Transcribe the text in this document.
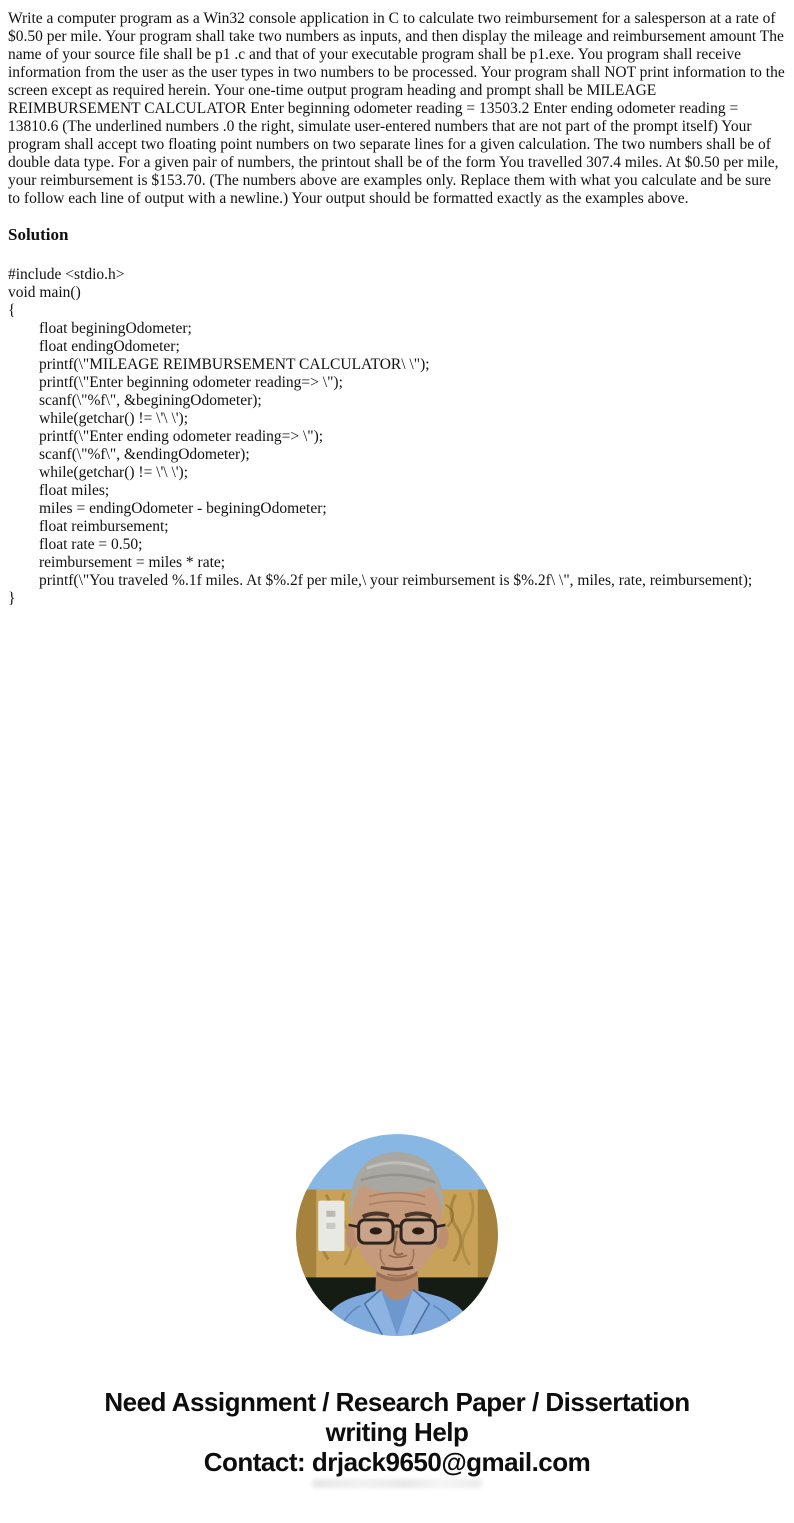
Write a computer program as a Win32 console application in C to calculate two reimbursement for a salesperson at a rate of $0.50 per mile. Your program shall take two numbers as inputs, and then display the mileage and reimbursement amount The name of your source file shall be p1 .c and that of your executable program shall be p1.exe. You program shall receive information from the user as the user types in two numbers to be processed. Your program shall NOT print information to the screen except as required herein. Your one-time output program heading and prompt shall be MILEAGE REIMBURSEMENT CALCULATOR Enter beginning odometer reading = 13503.2 Enter ending odometer reading = 13810.6 (The underlined numbers .0 the right, simulate user-entered numbers that are not part of the prompt itself) Your program shall accept two floating point numbers on two separate lines for a given calculation. The two numbers shall be of double data type. For a given pair of numbers, the printout shall be of the form You travelled 307.4 miles. At $0.50 per mile, your reimbursement is $153.70. (The numbers above are examples only. Replace them with what you calculate and be sure to follow each line of output with a newline.) Your output should be formatted exactly as the examples above.

Solution
#include <stdio.h>
void main()
{
float beginingOdometer;
float endingOdometer;
printf(\"MILEAGE REIMBURSEMENT CALCULATOR\ \");
printf(\"Enter beginning odometer reading=> \");
scanf(\"%f\", &beginingOdometer);
while(getchar() != \'\ \');
printf(\"Enter ending odometer reading=> \");
scanf(\"%f\", &endingOdometer);
while(getchar() != \'\ \');
float miles;
miles = endingOdometer - beginingOdometer;
float reimbursement;
float rate = 0.50;
reimbursement = miles * rate;
printf(\"You traveled %.1f miles. At $%.2f per mile,\ your reimbursement is $%.2f\ \", miles, rate, reimbursement);
}
Need Assignment / Research Paper / Dissertation
writing Help
Contact: drjack9650@gmail.com
